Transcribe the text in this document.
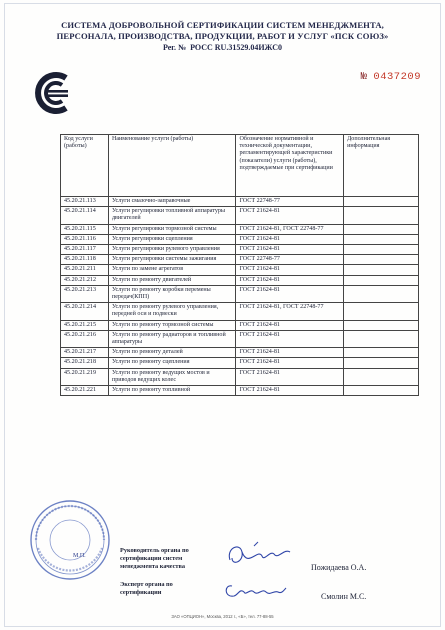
СИСТЕМА ДОБРОВОЛЬНОЙ СЕРТИФИКАЦИИ СИСТЕМ МЕНЕДЖМЕНТА,
ПЕРСОНАЛА, ПРОИЗВОДСТВА, ПРОДУКЦИИ, РАБОТ И УСЛУГ «ПСК СОЮЗ»
Рег. № РОСС RU.31529.04ИЖС0
№ 0437209
Код услуги (работы)	Наименование услуги (работы)	Обозначение нормативной и технической документации, регламентирующей характеристики (показатели) услуги (работы), подтверждаемые при сертификации	Дополнительная информация
45.20.21.113	Услуги смазочно-заправочные	ГОСТ 22748-77	
45.20.21.114	Услуги регулировки топливной аппаратуры двигателей	ГОСТ 21624-81	
45.20.21.115	Услуги регулировки тормозной системы	ГОСТ 21624-81, ГОСТ 22748-77	
45.20.21.116	Услуги регулировки сцепления	ГОСТ 21624-81	
45.20.21.117	Услуги регулировки рулевого управления	ГОСТ 21624-81	
45.20.21.118	Услуги регулировки системы зажигания	ГОСТ 22748-77	
45.20.21.211	Услуги по замене агрегатов	ГОСТ 21624-81	
45.20.21.212	Услуги по ремонту двигателей	ГОСТ 21624-81	
45.20.21.213	Услуги по ремонту коробки перемены передач(КПП)	ГОСТ 21624-81	
45.20.21.214	Услуги по ремонту рулевого управления, передней оси и подвески	ГОСТ 21624-81, ГОСТ 22748-77	
45.20.21.215	Услуги по ремонту тормозной системы	ГОСТ 21624-81	
45.20.21.216	Услуги по ремонту радиаторов и топливной аппаратуры	ГОСТ 21624-81	
45.20.21.217	Услуги по ремонту деталей	ГОСТ 21624-81	
45.20.21.218	Услуги по ремонту сцепления	ГОСТ 21624-81	
45.20.21.219	Услуги по ремонту ведущих мостов и приводов ведущих колес	ГОСТ 21624-81	
45.20.21.221	Услуги по ремонту топливной	ГОСТ 21624-81	
М.П.
Руководитель органа по сертификации систем менеджмента качества	Пожидаева О.А.
Эксперт органа по сертификации	Смолин М.С.
ЗАО «ОПЦИОН», Москва, 2012 г., «Б», тел. 77-88-55
